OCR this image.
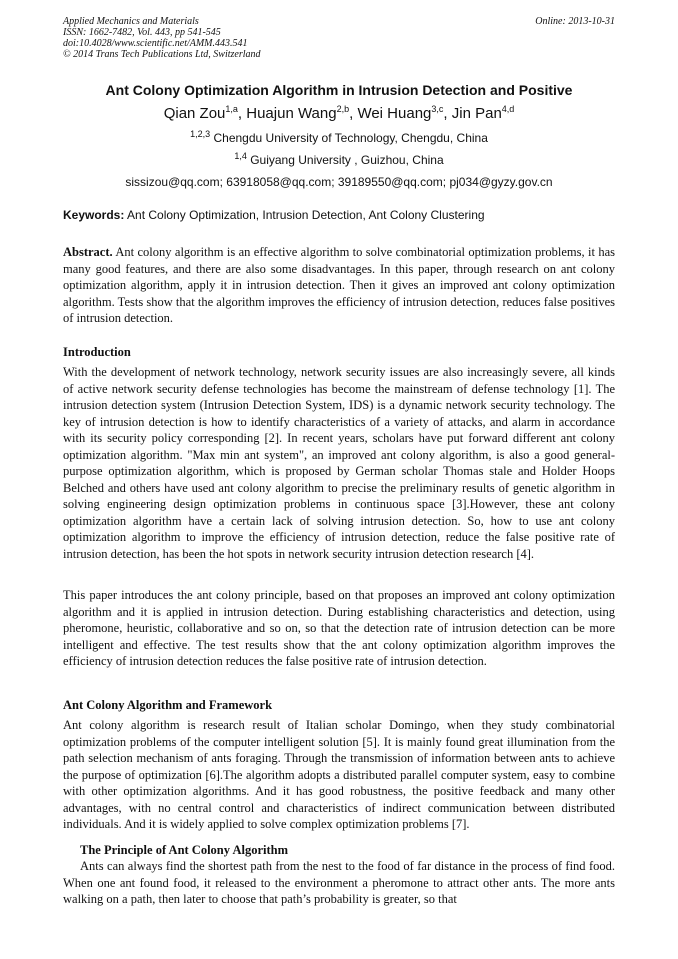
Applied Mechanics and Materials
ISSN: 1662-7482, Vol. 443, pp 541-545
doi:10.4028/www.scientific.net/AMM.443.541
© 2014 Trans Tech Publications Ltd, Switzerland
Online: 2013-10-31
Ant Colony Optimization Algorithm in Intrusion Detection and Positive
Qian Zou$^{1,a}$, Huajun Wang$^{2,b}$, Wei Huang$^{3,c}$, Jin Pan$^{4,d}$
$^{1,2,3}$ Chengdu University of Technology, Chengdu, China
$^{1,4}$ Guiyang University , Guizhou, China
sissizou@qq.com; 63918058@qq.com; 39189550@qq.com; pj034@gyzy.gov.cn
Keywords: Ant Colony Optimization, Intrusion Detection, Ant Colony Clustering

Abstract. Ant colony algorithm is an effective algorithm to solve combinatorial optimization problems, it has many good features, and there are also some disadvantages. In this paper, through research on ant colony optimization algorithm, apply it in intrusion detection. Then it gives an improved ant colony optimization algorithm. Tests show that the algorithm improves the efficiency of intrusion detection, reduces false positives of intrusion detection.

Introduction

With the development of network technology, network security issues are also increasingly severe, all kinds of active network security defense technologies has become the mainstream of defense technology [1]. The intrusion detection system (Intrusion Detection System, IDS) is a dynamic network security technology. The key of intrusion detection is how to identify characteristics of a variety of attacks, and alarm in accordance with its security policy corresponding [2]. In recent years, scholars have put forward different ant colony optimization algorithm. "Max min ant system", an improved ant colony algorithm, is also a good general-purpose optimization algorithm, which is proposed by German scholar Thomas stale and Holder Hoops Belched and others have used ant colony algorithm to precise the preliminary results of genetic algorithm in solving engineering design optimization problems in continuous space [3].However, these ant colony optimization algorithm have a certain lack of solving intrusion detection. So, how to use ant colony optimization algorithm to improve the efficiency of intrusion detection, reduce the false positive rate of intrusion detection, has been the hot spots in network security intrusion detection research [4].

This paper introduces the ant colony principle, based on that proposes an improved ant colony optimization algorithm and it is applied in intrusion detection. During establishing characteristics and detection, using pheromone, heuristic, collaborative and so on, so that the detection rate of intrusion detection can be more intelligent and effective. The test results show that the ant colony optimization algorithm improves the efficiency of intrusion detection reduces the false positive rate of intrusion detection.

Ant Colony Algorithm and Framework

Ant colony algorithm is research result of Italian scholar Domingo, when they study combinatorial optimization problems of the computer intelligent solution [5]. It is mainly found great illumination from the path selection mechanism of ants foraging. Through the transmission of information between ants to achieve the purpose of optimization [6].The algorithm adopts a distributed parallel computer system, easy to combine with other optimization algorithms. And it has good robustness, the positive feedback and many other advantages, with no central control and characteristics of indirect communication between distributed individuals. And it is widely applied to solve complex optimization problems [7].

The Principle of Ant Colony Algorithm

Ants can always find the shortest path from the nest to the food of far distance in the process of find food. When one ant found food, it released to the environment a pheromone to attract other ants. The more ants walking on a path, then later to choose that path’s probability is greater, so that
